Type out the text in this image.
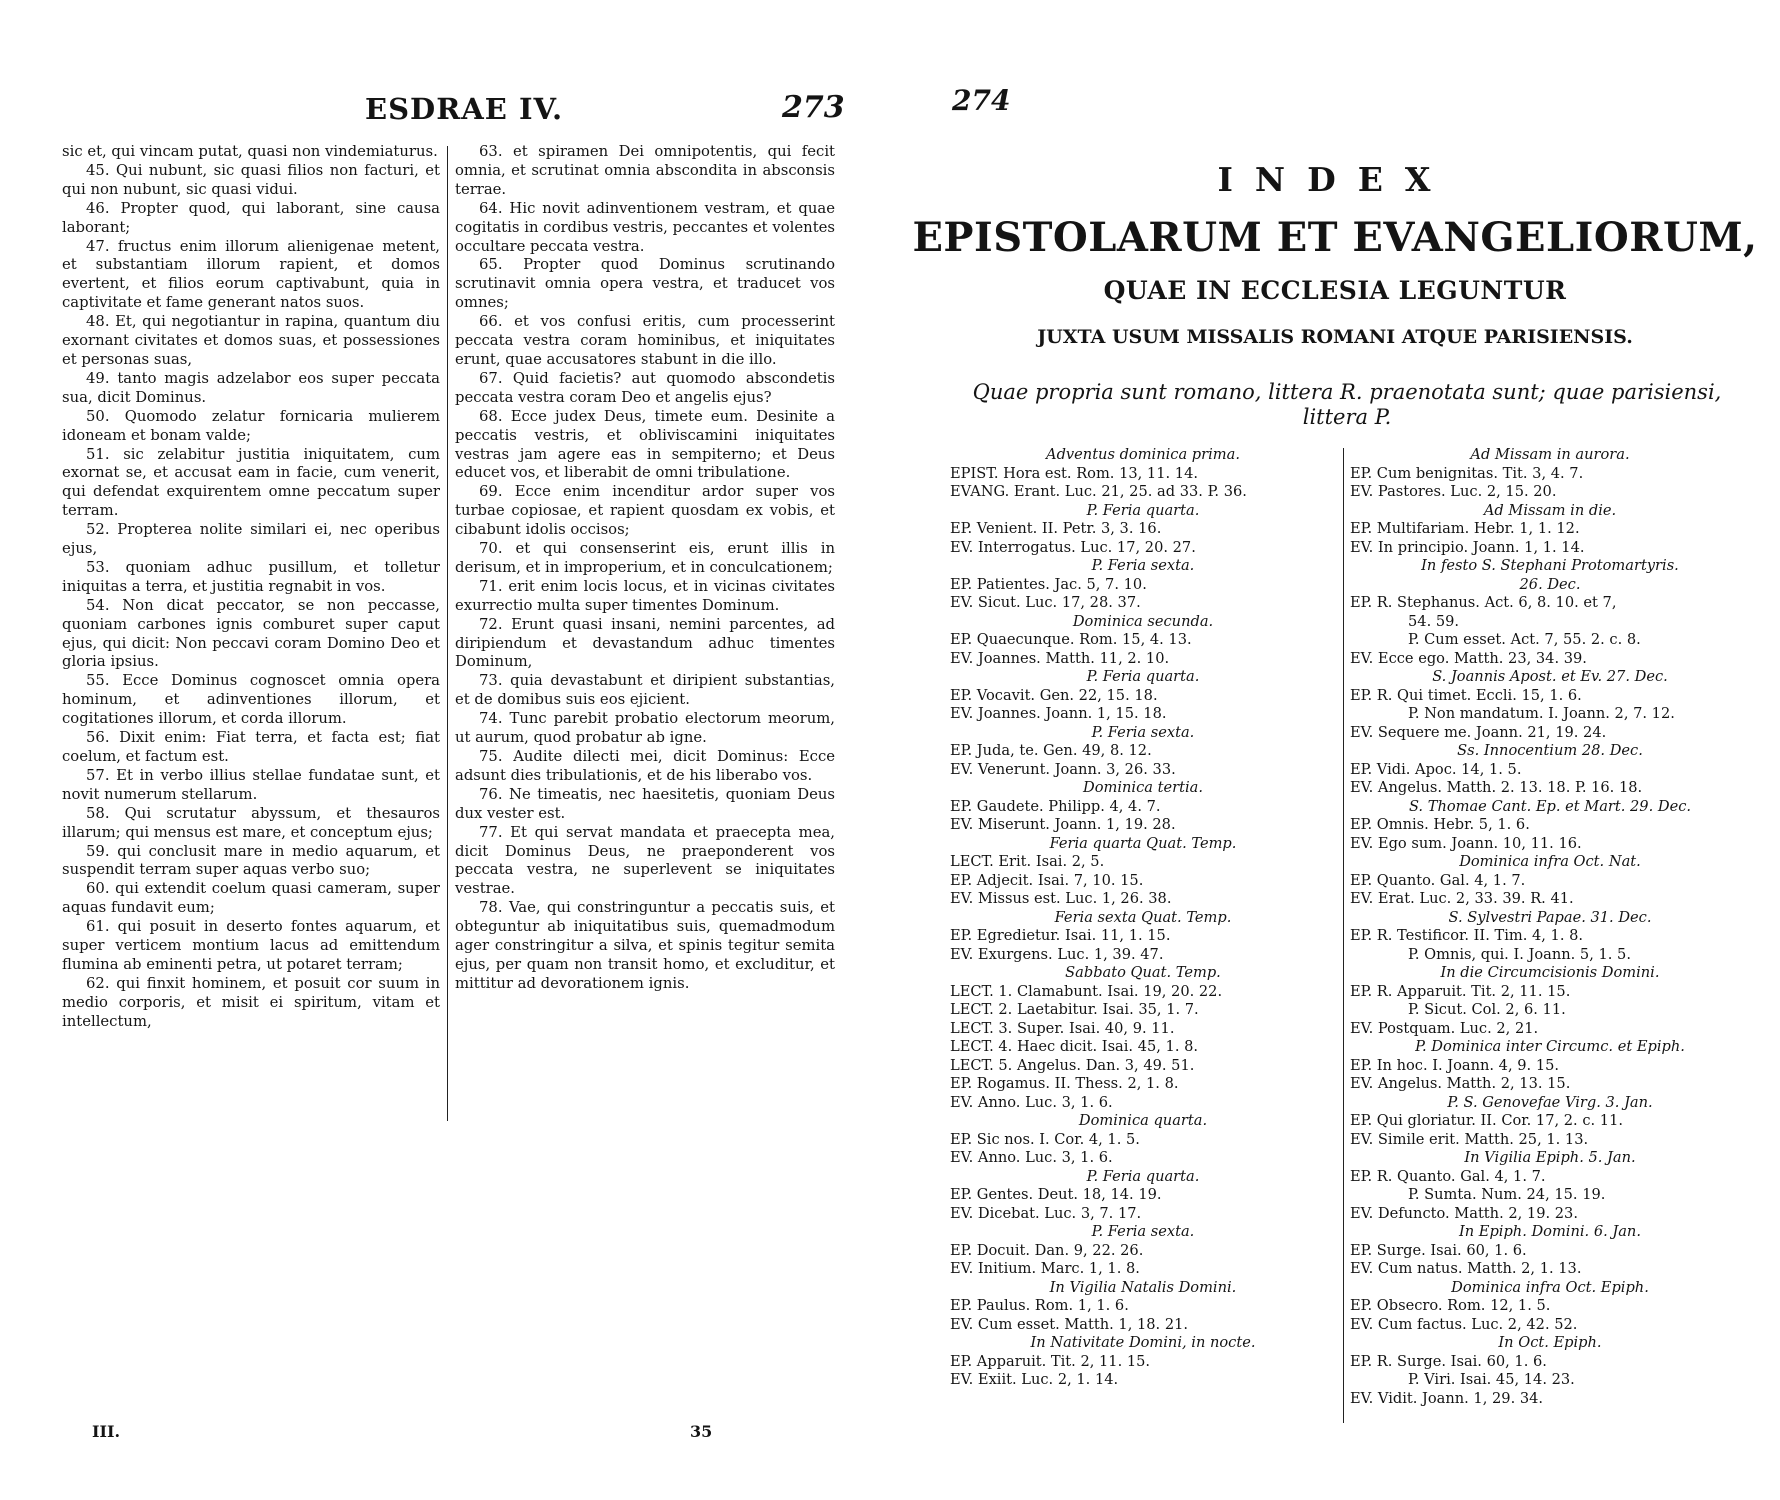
ESDRAE IV.	273

sic et, qui vincam putat, quasi non vindemiaturus.

45. Qui nubunt, sic quasi filios non facturi, et qui non nubunt, sic quasi vidui.

46. Propter quod, qui laborant, sine causa laborant;

47. fructus enim illorum alienigenae metent, et substantiam illorum rapient, et domos evertent, et filios eorum captivabunt, quia in captivitate et fame generant natos suos.

48. Et, qui negotiantur in rapina, quantum diu exornant civitates et domos suas, et possessiones et personas suas,

49. tanto magis adzelabor eos super peccata sua, dicit Dominus.

50. Quomodo zelatur fornicaria mulierem idoneam et bonam valde;

51. sic zelabitur justitia iniquitatem, cum exornat se, et accusat eam in facie, cum venerit, qui defendat exquirentem omne peccatum super terram.

52. Propterea nolite similari ei, nec operibus ejus,

53. quoniam adhuc pusillum, et tolletur iniquitas a terra, et justitia regnabit in vos.

54. Non dicat peccator, se non peccasse, quoniam carbones ignis comburet super caput ejus, qui dicit: Non peccavi coram Domino Deo et gloria ipsius.

55. Ecce Dominus cognoscet omnia opera hominum, et adinventiones illorum, et cogitationes illorum, et corda illorum.

56. Dixit enim: Fiat terra, et facta est; fiat coelum, et factum est.

57. Et in verbo illius stellae fundatae sunt, et novit numerum stellarum.

58. Qui scrutatur abyssum, et thesauros illarum; qui mensus est mare, et conceptum ejus;

59. qui conclusit mare in medio aquarum, et suspendit terram super aquas verbo suo;

60. qui extendit coelum quasi cameram, super aquas fundavit eum;

61. qui posuit in deserto fontes aquarum, et super verticem montium lacus ad emittendum flumina ab eminenti petra, ut potaret terram;

62. qui finxit hominem, et posuit cor suum in medio corporis, et misit ei spiritum, vitam et intellectum,

63. et spiramen Dei omnipotentis, qui fecit omnia, et scrutinat omnia abscondita in absconsis terrae.

64. Hic novit adinventionem vestram, et quae cogitatis in cordibus vestris, peccantes et volentes occultare peccata vestra.

65. Propter quod Dominus scrutinando scrutinavit omnia opera vestra, et traducet vos omnes;

66. et vos confusi eritis, cum processerint peccata vestra coram hominibus, et iniquitates erunt, quae accusatores stabunt in die illo.

67. Quid facietis? aut quomodo abscondetis peccata vestra coram Deo et angelis ejus?

68. Ecce judex Deus, timete eum. Desinite a peccatis vestris, et obliviscamini iniquitates vestras jam agere eas in sempiterno; et Deus educet vos, et liberabit de omni tribulatione.

69. Ecce enim incenditur ardor super vos turbae copiosae, et rapient quosdam ex vobis, et cibabunt idolis occisos;

70. et qui consenserint eis, erunt illis in derisum, et in improperium, et in conculcationem;

71. erit enim locis locus, et in vicinas civitates exurrectio multa super timentes Dominum.

72. Erunt quasi insani, nemini parcentes, ad diripiendum et devastandum adhuc timentes Dominum,

73. quia devastabunt et diripient substantias, et de domibus suis eos ejicient.

74. Tunc parebit probatio electorum meorum, ut aurum, quod probatur ab igne.

75. Audite dilecti mei, dicit Dominus: Ecce adsunt dies tribulationis, et de his liberabo vos.

76. Ne timeatis, nec haesitetis, quoniam Deus dux vester est.

77. Et qui servat mandata et praecepta mea, dicit Dominus Deus, ne praeponderent vos peccata vestra, ne superlevent se iniquitates vestrae.

78. Vae, qui constringuntur a peccatis suis, et obteguntur ab iniquitatibus suis, quemadmodum ager constringitur a silva, et spinis tegitur semita ejus, per quam non transit homo, et excluditur, et mittitur ad devorationem ignis.

III.	35
274
INDEX
EPISTOLARUM ET EVANGELIORUM,
QUAE IN ECCLESIA LEGUNTUR
JUXTA USUM MISSALIS ROMANI ATQUE PARISIENSIS.
Quae propria sunt romano, littera R. praenotata sunt; quae parisiensi, littera P.
Adventus dominica prima.
EPIST. Hora est. Rom. 13, 11. 14.
EVANG. Erant. Luc. 21, 25. ad 33. P. 36.
P. Feria quarta.
EP. Venient. II. Petr. 3, 3. 16.
EV. Interrogatus. Luc. 17, 20. 27.
P. Feria sexta.
EP. Patientes. Jac. 5, 7. 10.
EV. Sicut. Luc. 17, 28. 37.
Dominica secunda.
EP. Quaecunque. Rom. 15, 4. 13.
EV. Joannes. Matth. 11, 2. 10.
P. Feria quarta.
EP. Vocavit. Gen. 22, 15. 18.
EV. Joannes. Joann. 1, 15. 18.
P. Feria sexta.
EP. Juda, te. Gen. 49, 8. 12.
EV. Venerunt. Joann. 3, 26. 33.
Dominica tertia.
EP. Gaudete. Philipp. 4, 4. 7.
EV. Miserunt. Joann. 1, 19. 28.
Feria quarta Quat. Temp.
LECT. Erit. Isai. 2, 5.
EP. Adjecit. Isai. 7, 10. 15.
EV. Missus est. Luc. 1, 26. 38.
Feria sexta Quat. Temp.
EP. Egredietur. Isai. 11, 1. 15.
EV. Exurgens. Luc. 1, 39. 47.
Sabbato Quat. Temp.
LECT. 1. Clamabunt. Isai. 19, 20. 22.
LECT. 2. Laetabitur. Isai. 35, 1. 7.
LECT. 3. Super. Isai. 40, 9. 11.
LECT. 4. Haec dicit. Isai. 45, 1. 8.
LECT. 5. Angelus. Dan. 3, 49. 51.
EP. Rogamus. II. Thess. 2, 1. 8.
EV. Anno. Luc. 3, 1. 6.
Dominica quarta.
EP. Sic nos. I. Cor. 4, 1. 5.
EV. Anno. Luc. 3, 1. 6.
P. Feria quarta.
EP. Gentes. Deut. 18, 14. 19.
EV. Dicebat. Luc. 3, 7. 17.
P. Feria sexta.
EP. Docuit. Dan. 9, 22. 26.
EV. Initium. Marc. 1, 1. 8.
In Vigilia Natalis Domini.
EP. Paulus. Rom. 1, 1. 6.
EV. Cum esset. Matth. 1, 18. 21.
In Nativitate Domini, in nocte.
EP. Apparuit. Tit. 2, 11. 15.
EV. Exiit. Luc. 2, 1. 14.
Ad Missam in aurora.
EP. Cum benignitas. Tit. 3, 4. 7.
EV. Pastores. Luc. 2, 15. 20.
Ad Missam in die.
EP. Multifariam. Hebr. 1, 1. 12.
EV. In principio. Joann. 1, 1. 14.
In festo S. Stephani Protomartyris.
26. Dec.
EP. R. Stephanus. Act. 6, 8. 10. et 7,
54. 59.
P. Cum esset. Act. 7, 55. 2. c. 8.
EV. Ecce ego. Matth. 23, 34. 39.
S. Joannis Apost. et Ev. 27. Dec.
EP. R. Qui timet. Eccli. 15, 1. 6.
P. Non mandatum. I. Joann. 2, 7. 12.
EV. Sequere me. Joann. 21, 19. 24.
Ss. Innocentium 28. Dec.
EP. Vidi. Apoc. 14, 1. 5.
EV. Angelus. Matth. 2. 13. 18. P. 16. 18.
S. Thomae Cant. Ep. et Mart. 29. Dec.
EP. Omnis. Hebr. 5, 1. 6.
EV. Ego sum. Joann. 10, 11. 16.
Dominica infra Oct. Nat.
EP. Quanto. Gal. 4, 1. 7.
EV. Erat. Luc. 2, 33. 39. R. 41.
S. Sylvestri Papae. 31. Dec.
EP. R. Testificor. II. Tim. 4, 1. 8.
P. Omnis, qui. I. Joann. 5, 1. 5.
In die Circumcisionis Domini.
EP. R. Apparuit. Tit. 2, 11. 15.
P. Sicut. Col. 2, 6. 11.
EV. Postquam. Luc. 2, 21.
P. Dominica inter Circumc. et Epiph.
EP. In hoc. I. Joann. 4, 9. 15.
EV. Angelus. Matth. 2, 13. 15.
P. S. Genovefae Virg. 3. Jan.
EP. Qui gloriatur. II. Cor. 17, 2. c. 11.
EV. Simile erit. Matth. 25, 1. 13.
In Vigilia Epiph. 5. Jan.
EP. R. Quanto. Gal. 4, 1. 7.
P. Sumta. Num. 24, 15. 19.
EV. Defuncto. Matth. 2, 19. 23.
In Epiph. Domini. 6. Jan.
EP. Surge. Isai. 60, 1. 6.
EV. Cum natus. Matth. 2, 1. 13.
Dominica infra Oct. Epiph.
EP. Obsecro. Rom. 12, 1. 5.
EV. Cum factus. Luc. 2, 42. 52.
In Oct. Epiph.
EP. R. Surge. Isai. 60, 1. 6.
P. Viri. Isai. 45, 14. 23.
EV. Vidit. Joann. 1, 29. 34.
